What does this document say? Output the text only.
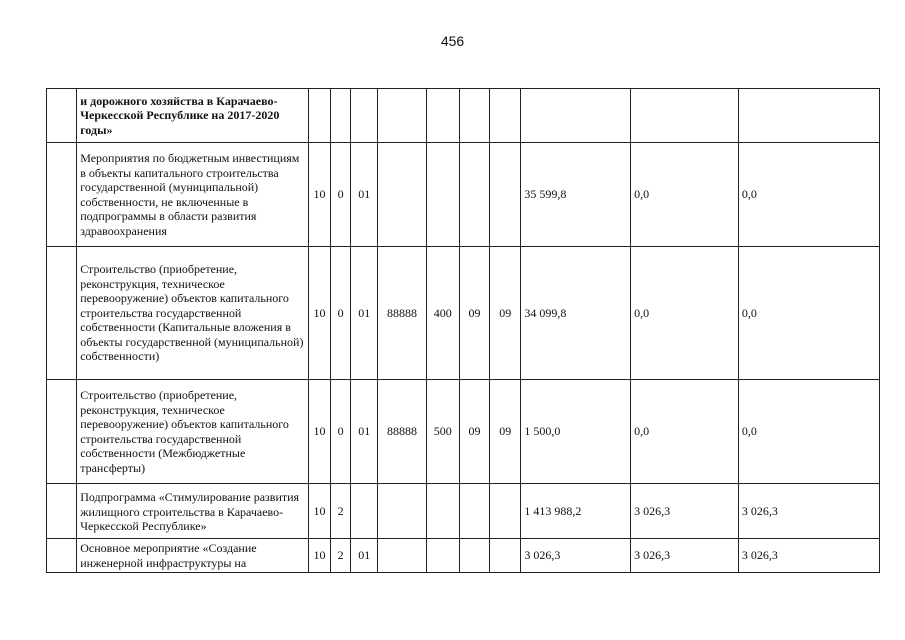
456
	и дорожного хозяйства в Карачаево-Черкесской Республике на 2017-2020 годы»										
	Мероприятия по бюджетным инвестициям в объекты капитального строительства государственной (муниципальной) собственности, не включенные в подпрограммы в области развития здравоохранения	10	0	01					35 599,8	0,0	0,0
	Строительство (приобретение, реконструкция, техническое перевооружение) объектов капитального строительства государственной собственности (Капитальные вложения в объекты государственной (муниципальной) собственности)	10	0	01	88888	400	09	09	34 099,8	0,0	0,0
	Строительство (приобретение, реконструкция, техническое перевооружение) объектов капитального строительства государственной собственности (Межбюджетные трансферты)	10	0	01	88888	500	09	09	1 500,0	0,0	0,0
	Подпрограмма «Стимулирование развития жилищного строительства в Карачаево-Черкесской Республике»	10	2						1 413 988,2	3 026,3	3 026,3
	Основное мероприятие «Создание инженерной инфраструктуры на	10	2	01					3 026,3	3 026,3	3 026,3
